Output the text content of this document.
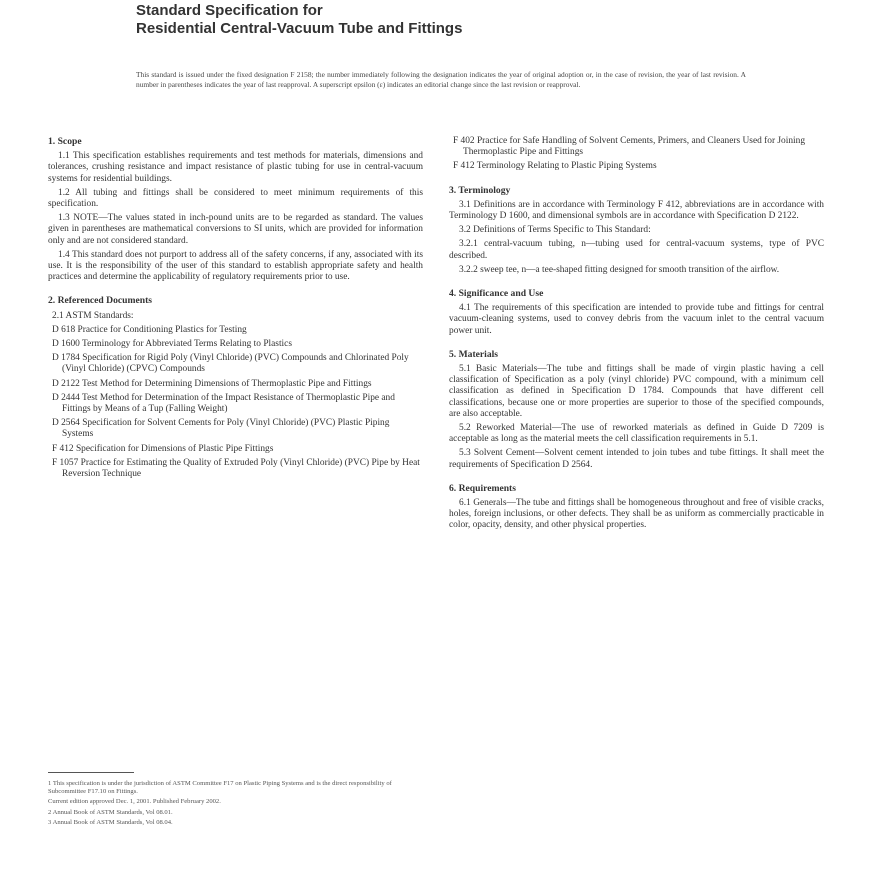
Standard Specification for
Residential Central-Vacuum Tube and Fittings
This standard is issued under the fixed designation F 2158; the number immediately following the designation indicates the year of original adoption or, in the case of revision, the year of last revision. A number in parentheses indicates the year of last reapproval. A superscript epsilon (ε) indicates an editorial change since the last revision or reapproval.
1. Scope

1.1 This specification establishes requirements and test methods for materials, dimensions and tolerances, crushing resistance and impact resistance of plastic tubing for use in central-vacuum systems for residential buildings.

1.2 All tubing and fittings shall be considered to meet minimum requirements of this specification.

1.3 NOTE—The values stated in inch-pound units are to be regarded as standard. The values given in parentheses are mathematical conversions to SI units, which are provided for information only and are not considered standard.

1.4 This standard does not purport to address all of the safety concerns, if any, associated with its use. It is the responsibility of the user of this standard to establish appropriate safety and health practices and determine the applicability of regulatory requirements prior to use.

2. Referenced Documents

2.1 ASTM Standards:

D 618 Practice for Conditioning Plastics for Testing

D 1600 Terminology for Abbreviated Terms Relating to Plastics

D 1784 Specification for Rigid Poly (Vinyl Chloride) (PVC) Compounds and Chlorinated Poly (Vinyl Chloride) (CPVC) Compounds

D 2122 Test Method for Determining Dimensions of Thermoplastic Pipe and Fittings

D 2444 Test Method for Determination of the Impact Resistance of Thermoplastic Pipe and Fittings by Means of a Tup (Falling Weight)

D 2564 Specification for Solvent Cements for Poly (Vinyl Chloride) (PVC) Plastic Piping Systems

F 412 Specification for Dimensions of Plastic Pipe Fittings

F 1057 Practice for Estimating the Quality of Extruded Poly (Vinyl Chloride) (PVC) Pipe by Heat Reversion Technique

F 402 Practice for Safe Handling of Solvent Cements, Primers, and Cleaners Used for Joining Thermoplastic Pipe and Fittings

F 412 Terminology Relating to Plastic Piping Systems

3. Terminology

3.1 Definitions are in accordance with Terminology F 412, abbreviations are in accordance with Terminology D 1600, and dimensional symbols are in accordance with Specification D 2122.

3.2 Definitions of Terms Specific to This Standard:

3.2.1 central-vacuum tubing, n—tubing used for central-vacuum systems, type of PVC described.

3.2.2 sweep tee, n—a tee-shaped fitting designed for smooth transition of the airflow.

4. Significance and Use

4.1 The requirements of this specification are intended to provide tube and fittings for central vacuum-cleaning systems, used to convey debris from the vacuum inlet to the central vacuum power unit.

5. Materials

5.1 Basic Materials—The tube and fittings shall be made of virgin plastic having a cell classification of Specification as a poly (vinyl chloride) PVC compound, with a minimum cell classification as defined in Specification D 1784. Compounds that have different cell classifications, because one or more properties are superior to those of the specified compounds, are also acceptable.

5.2 Reworked Material—The use of reworked materials as defined in Guide D 7209 is acceptable as long as the material meets the cell classification requirements in 5.1.

5.3 Solvent Cement—Solvent cement intended to join tubes and tube fittings. It shall meet the requirements of Specification D 2564.

6. Requirements

6.1 Generals—The tube and fittings shall be homogeneous throughout and free of visible cracks, holes, foreign inclusions, or other defects. They shall be as uniform as commercially practicable in color, opacity, density, and other physical properties.

1 This specification is under the jurisdiction of ASTM Committee F17 on Plastic Piping Systems and is the direct responsibility of Subcommittee F17.10 on Fittings.

Current edition approved Dec. 1, 2001. Published February 2002.

2 Annual Book of ASTM Standards, Vol 08.01.

3 Annual Book of ASTM Standards, Vol 08.04.
